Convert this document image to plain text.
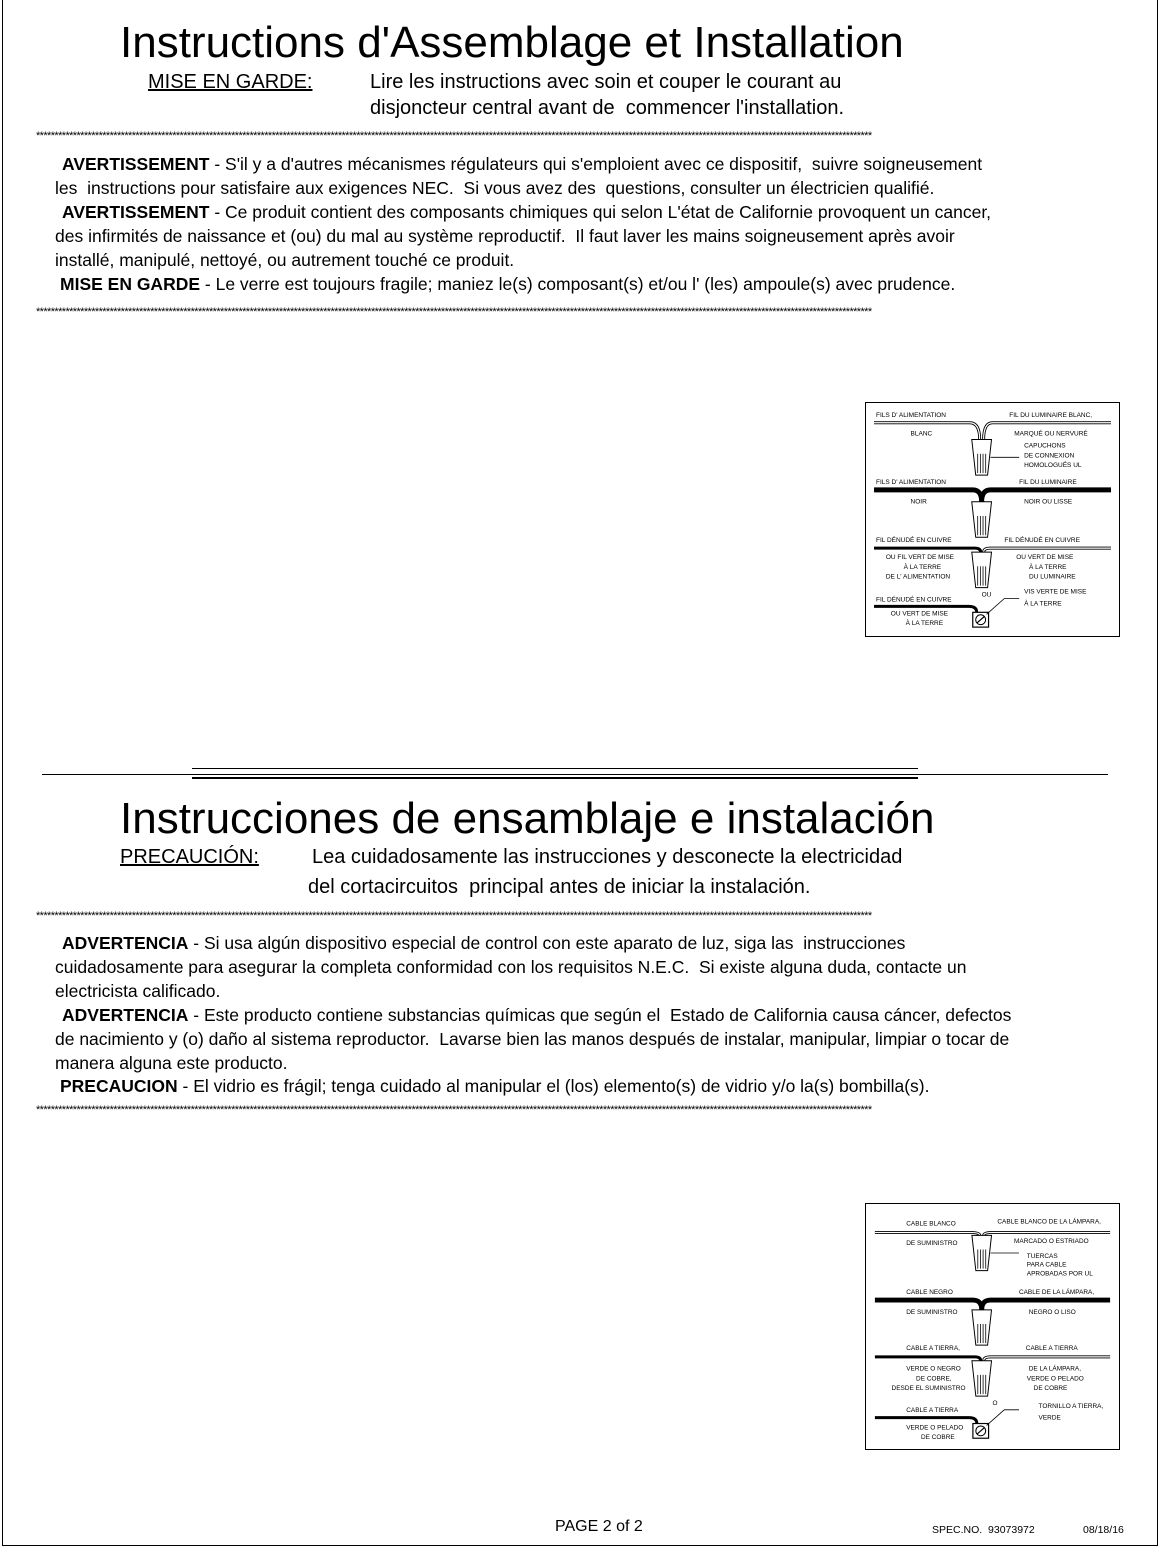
Instructions d'Assemblage et Installation
MISE EN GARDE:	Lire les instructions avec soin et couper le courant au
disjoncteur central avant de  commencer l'installation.
***********************************************************************************************************************************************************************************************************************************
AVERTISSEMENT - S'il y a d'autres mécanismes régulateurs qui s'emploient avec ce dispositif,  suivre soigneusement
les  instructions pour satisfaire aux exigences NEC.  Si vous avez des  questions, consulter un électricien qualifié.
AVERTISSEMENT - Ce produit contient des composants chimiques qui selon L'état de Californie provoquent un cancer,
des infirmités de naissance et (ou) du mal au système reproductif.  Il faut laver les mains soigneusement après avoir
installé, manipulé, nettoyé, ou autrement touché ce produit.
MISE EN GARDE - Le verre est toujours fragile; maniez le(s) composant(s) et/ou l' (les) ampoule(s) avec prudence.
***********************************************************************************************************************************************************************************************************************************
FILS D' ALIMENTATION	FIL DU LUMINAIRE BLANC,
BLANC	MARQUÉ OU NERVURÉ
CAPUCHONS
DE CONNEXION
HOMOLOGUÉS UL
FILS D' ALIMENTATION	FIL DU LUMINAIRE
NOIR	NOIR OU LISSE
FIL DÉNUDÉ EN CUIVRE	FIL DÉNUDÉ EN CUIVRE
OU FIL VERT DE MISE
À LA TERRE
DE L' ALIMENTATION
OU VERT DE MISE
À LA TERRE
DU LUMINAIRE
OU
FIL DÉNUDÉ EN CUIVRE
VIS VERTE DE MISE
À LA TERRE
OU VERT DE MISE
À LA TERRE
Instrucciones de ensamblaje e instalación
PRECAUCIÓN:	Lea cuidadosamente las instrucciones y desconecte la electricidad
del cortacircuitos  principal antes de iniciar la instalación.
***********************************************************************************************************************************************************************************************************************************
ADVERTENCIA - Si usa algún dispositivo especial de control con este aparato de luz, siga las  instrucciones
cuidadosamente para asegurar la completa conformidad con los requisitos N.E.C.  Si existe alguna duda, contacte un
electricista calificado.
ADVERTENCIA - Este producto contiene substancias químicas que según el  Estado de California causa cáncer, defectos
de nacimiento y (o) daño al sistema reproductor.  Lavarse bien las manos después de instalar, manipular, limpiar o tocar de
manera alguna este producto.
PRECAUCION - El vidrio es frágil; tenga cuidado al manipular el (los) elemento(s) de vidrio y/o la(s) bombilla(s).
***********************************************************************************************************************************************************************************************************************************
CABLE BLANCO	CABLE BLANCO DE LA LÁMPARA,
DE SUMINISTRO	MARCADO O ESTRIADO
TUERCAS
PARA CABLE
APROBADAS POR UL
CABLE NEGRO	CABLE DE LA LÁMPARA,
DE SUMINISTRO	NEGRO O LISO
CABLE A TIERRA,	CABLE A TIERRA
VERDE O NEGRO
DE COBRE,
DESDE EL SUMINISTRO
DE LA LÁMPARA,
VERDE O PELADO
DE COBRE
O
CABLE A TIERRA
TORNILLO A TIERRA,
VERDE
VERDE O PELADO
DE COBRE
PAGE 2 of 2	SPEC.NO.  93073972	08/18/16
